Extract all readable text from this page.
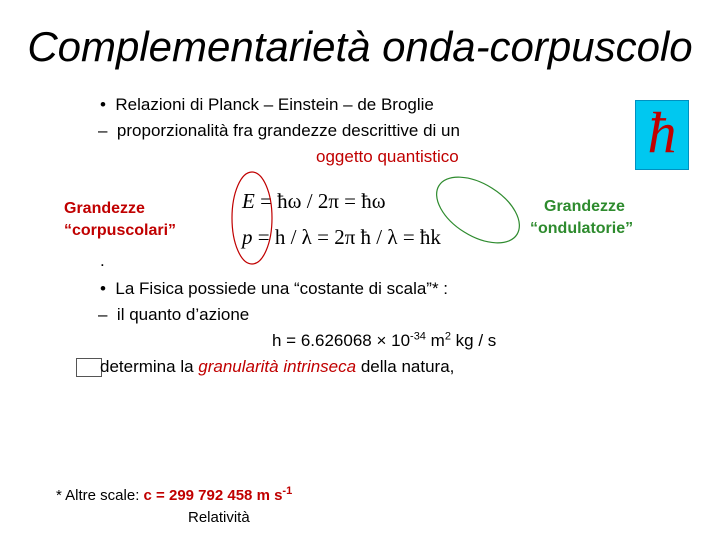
Complementarietà onda-corpuscolo
• Relazioni di Planck – Einstein – de Broglie
– proporzionalità fra grandezze descrittive di un
oggetto quantistico	ħ
Grandezze
“corpuscolari”
Grandezze
“ondulatorie”
E = ħω / 2π = ħω
p = h / λ = 2π ħ / λ = ħk
.
• La Fisica possiede una “costante di scala”* :
– il quanto d’azione
$h = 6.626068 \times 10^{-34}$ $m^2$ kg / s
determina la granularità intrinseca della natura,
* Altre scale: c = 299 792 458 m $s^{-1}$
Relatività
